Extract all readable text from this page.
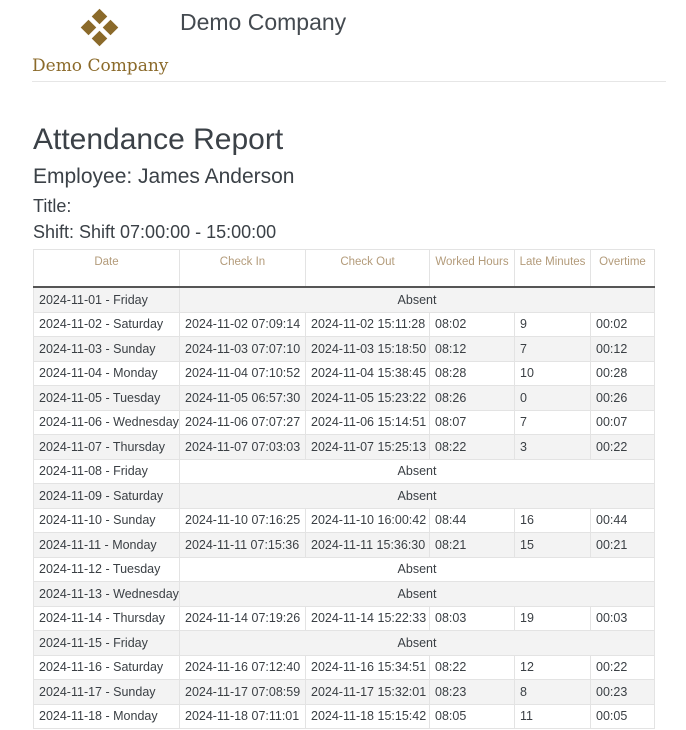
Demo Company
Demo Company
Attendance Report
Employee: James Anderson
Title:
Shift: Shift 07:00:00 - 15:00:00
Date	Check In	Check Out	Worked Hours	Late Minutes	Overtime
2024-11-01 - Friday	Absent				
2024-11-02 - Saturday	2024-11-02 07:09:14	2024-11-02 15:11:28	08:02	9	00:02
2024-11-03 - Sunday	2024-11-03 07:07:10	2024-11-03 15:18:50	08:12	7	00:12
2024-11-04 - Monday	2024-11-04 07:10:52	2024-11-04 15:38:45	08:28	10	00:28
2024-11-05 - Tuesday	2024-11-05 06:57:30	2024-11-05 15:23:22	08:26	0	00:26
2024-11-06 - Wednesday	2024-11-06 07:07:27	2024-11-06 15:14:51	08:07	7	00:07
2024-11-07 - Thursday	2024-11-07 07:03:03	2024-11-07 15:25:13	08:22	3	00:22
2024-11-08 - Friday	Absent				
2024-11-09 - Saturday	Absent				
2024-11-10 - Sunday	2024-11-10 07:16:25	2024-11-10 16:00:42	08:44	16	00:44
2024-11-11 - Monday	2024-11-11 07:15:36	2024-11-11 15:36:30	08:21	15	00:21
2024-11-12 - Tuesday	Absent				
2024-11-13 - Wednesday	Absent				
2024-11-14 - Thursday	2024-11-14 07:19:26	2024-11-14 15:22:33	08:03	19	00:03
2024-11-15 - Friday	Absent				
2024-11-16 - Saturday	2024-11-16 07:12:40	2024-11-16 15:34:51	08:22	12	00:22
2024-11-17 - Sunday	2024-11-17 07:08:59	2024-11-17 15:32:01	08:23	8	00:23
2024-11-18 - Monday	2024-11-18 07:11:01	2024-11-18 15:15:42	08:05	11	00:05
